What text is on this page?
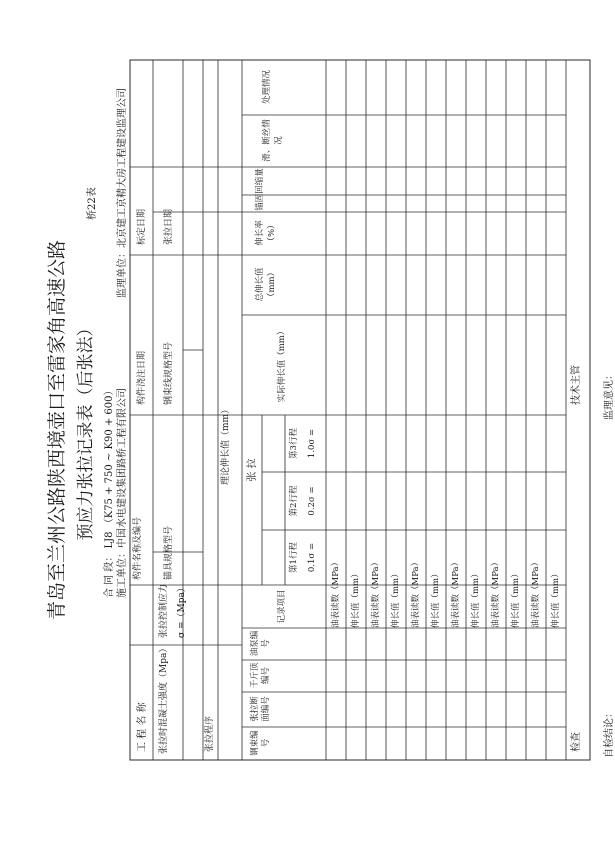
青岛至兰州公路陕西境壶口至雷家角高速公路 预应力张拉记录表（后张法）
桥22表
合 同 段： LJ8 （K75 + 750 ~ K90 + 600） 施工单位：中国水电建设集团路桥工程有限公司
监理单位：北京建工京精大房工程建设监理公司
工 程 名 称
构件名称及编号
构件浇注日期
标定日期
张拉时混凝土强度（Mpa）
张拉控制应力 σ =（Mpa）
锚具规格型号
钢束线规格型号
张拉日期
张拉程序
理论伸长值（mm）
钢束编号
张拉断面编号
千斤顶编号
油泵编号
记录项目
张 拉
第1行程 0.1σ =
第2行程 0.2σ =
第3行程 1.0σ =
实际伸长值（mm）
总伸长值（mm）
伸长率（%）
锚固回缩量
滑、断丝情况
处理情况
油表读数（MPa） 伸长值（mm） 油表读数（MPa） 伸长值（mm） 油表读数（MPa） 伸长值（mm） 油表读数（MPa） 伸长值（mm） 油表读数（MPa） 伸长值（mm） 油表读数（MPa） 伸长值（mm）
检查
技术主管
自检结论：
监理意见：
